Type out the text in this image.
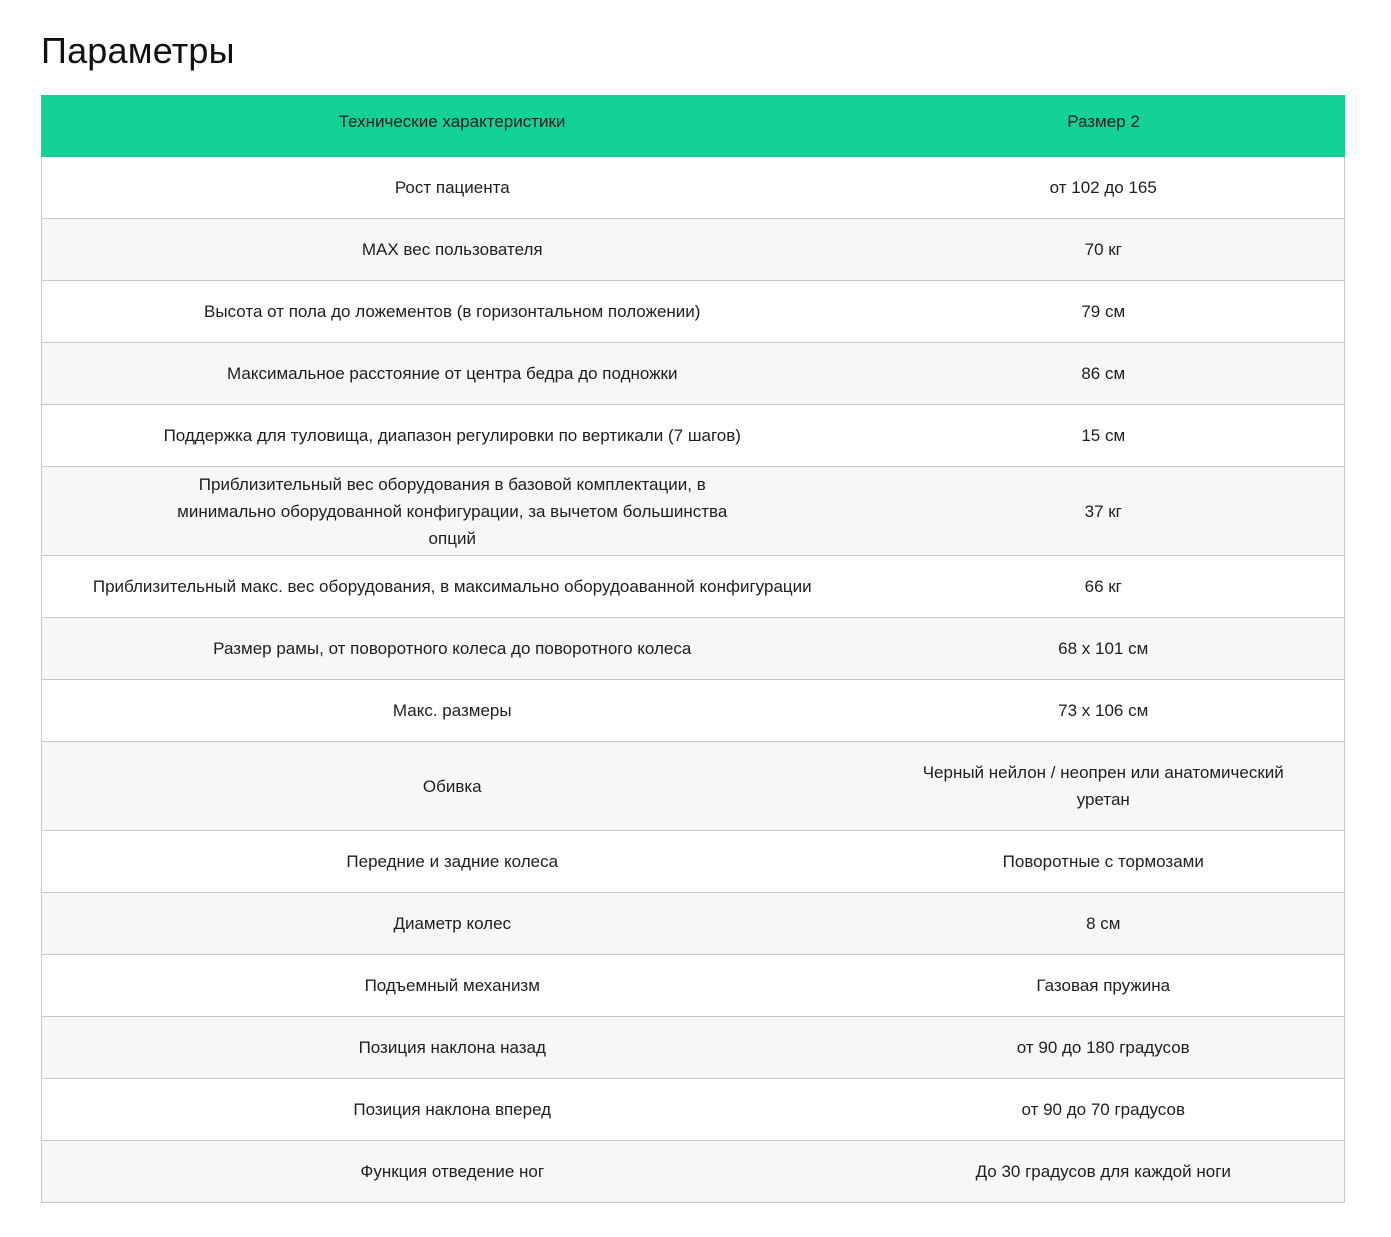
Параметры
Технические характеристики	Размер 2
Рост пациента	от 102 до 165
MAX вес пользователя	70 кг
Высота от пола до ложементов (в горизонтальном положении)	79 см
Максимальное расстояние от центра бедра до подножки	86 см
Поддержка для туловища, диапазон регулировки по вертикали (7 шагов)	15 см
Приблизительный вес оборудования в базовой комплектации, в минимально оборудованной конфигурации, за вычетом большинства опций	37 кг
Приблизительный макс. вес оборудования, в максимально оборудоаванной конфигурации	66 кг
Размер рамы, от поворотного колеса до поворотного колеса	68 х 101 см
Макс. размеры	73 х 106 см
Обивка	Черный нейлон / неопрен или анатомический уретан
Передние и задние колеса	Поворотные с тормозами
Диаметр колес	8 см
Подъемный механизм	Газовая пружина
Позиция наклона назад	от 90 до 180 градусов
Позиция наклона вперед	от 90 до 70 градусов
Функция отведение ног	До 30 градусов для каждой ноги
